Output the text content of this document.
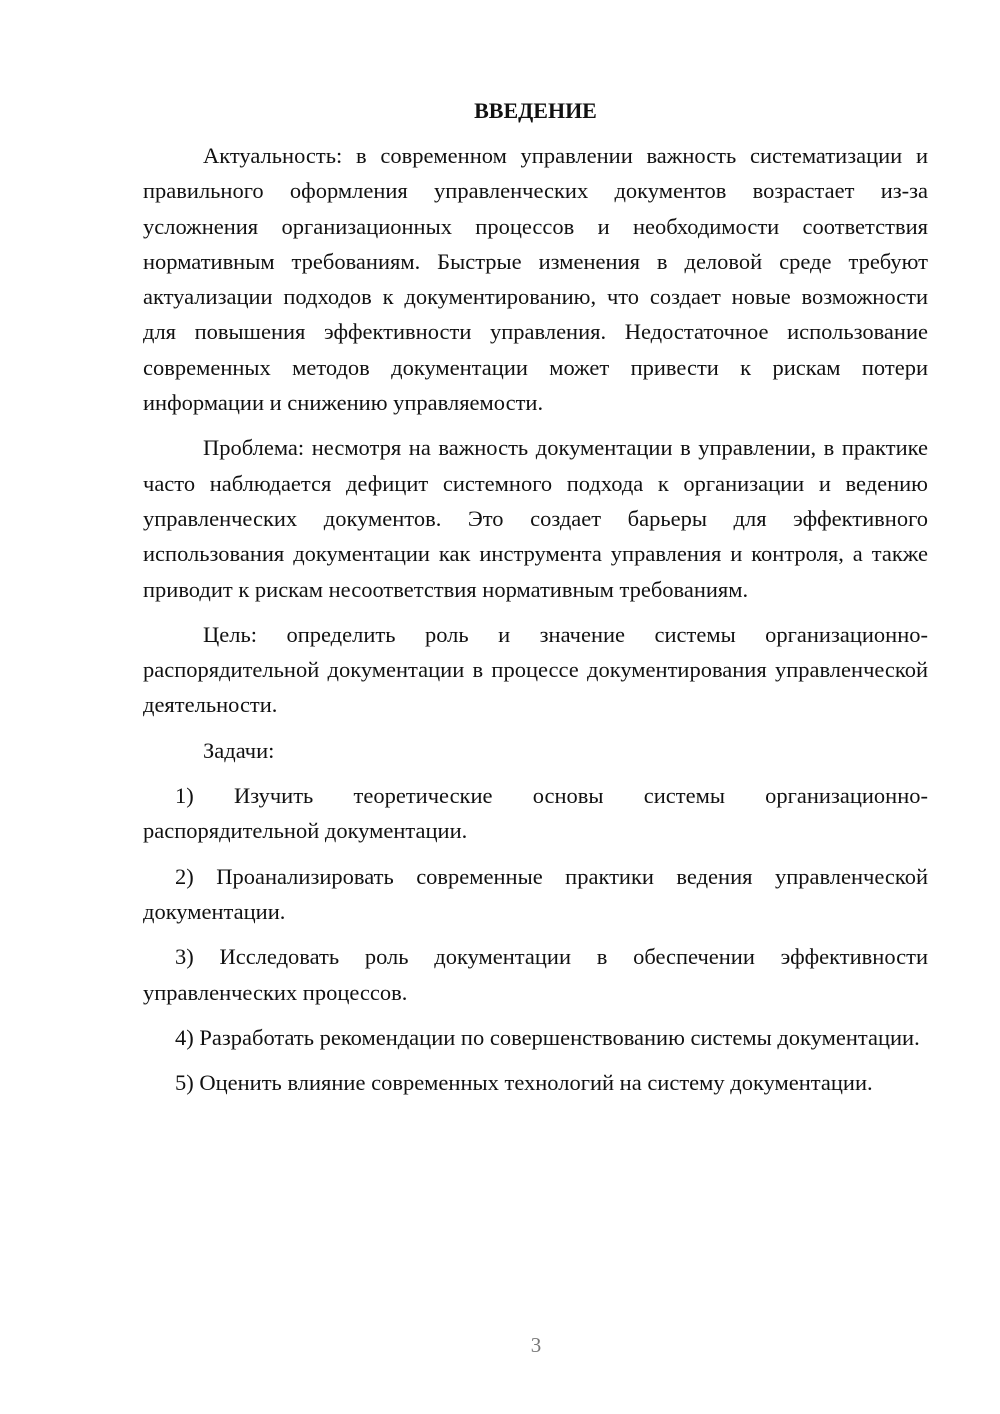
ВВЕДЕНИЕ

Актуальность: в современном управлении важность систематизации и правильного оформления управленческих документов возрастает из-за усложнения организационных процессов и необходимости соответствия нормативным требованиям. Быстрые изменения в деловой среде требуют актуализации подходов к документированию, что создает новые возможности для повышения эффективности управления. Недостаточное использование современных методов документации может привести к рискам потери информации и снижению управляемости.

Проблема: несмотря на важность документации в управлении, в практике часто наблюдается дефицит системного подхода к организации и ведению управленческих документов. Это создает барьеры для эффективного использования документации как инструмента управления и контроля, а также приводит к рискам несоответствия нормативным требованиям.

Цель: определить роль и значение системы организационно-распорядительной документации в процессе документирования управленческой деятельности.

Задачи:

1) Изучить теоретические основы системы организационно-распорядительной документации.

2) Проанализировать современные практики ведения управленческой документации.

3) Исследовать роль документации в обеспечении эффективности управленческих процессов.

4) Разработать рекомендации по совершенствованию системы документации.

5) Оценить влияние современных технологий на систему документации.

3
